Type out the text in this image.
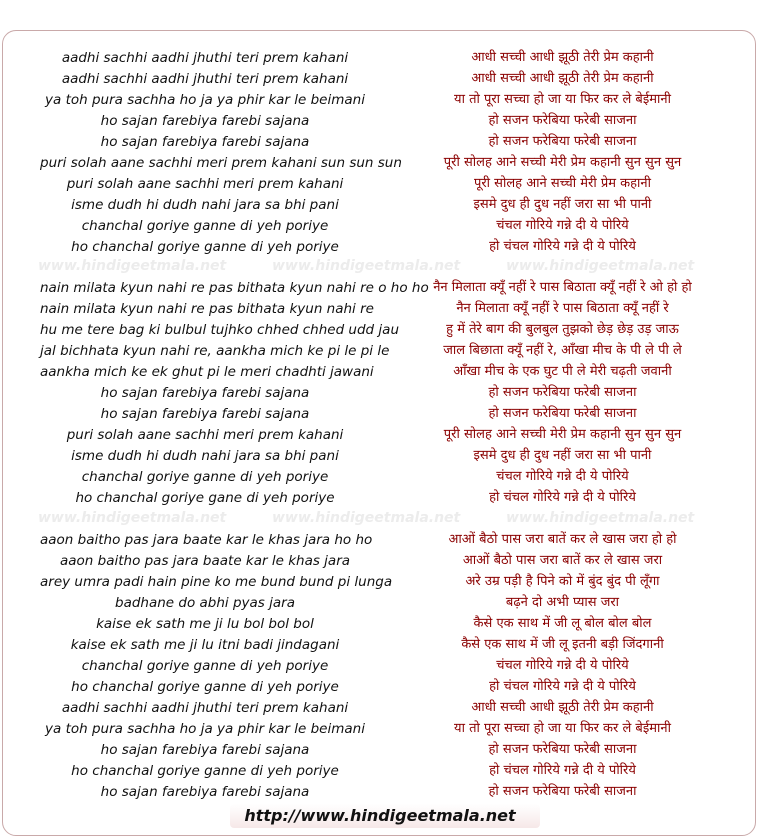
aadhi sachhi aadhi jhuthi teri prem kahani	आधी सच्ची आधी झूठी तेरी प्रेम कहानी
aadhi sachhi aadhi jhuthi teri prem kahani	आधी सच्ची आधी झूठी तेरी प्रेम कहानी
ya toh pura sachha ho ja ya phir kar le beimani	या तो पूरा सच्चा हो जा या फिर कर ले बेईमानी
ho sajan farebiya farebi sajana	हो सजन फरेबिया फरेबी साजना
ho sajan farebiya farebi sajana	हो सजन फरेबिया फरेबी साजना
puri solah aane sachhi meri prem kahani sun sun sun	पूरी सोलह आने सच्ची मेरी प्रेम कहानी सुन सुन सुन
puri solah aane sachhi meri prem kahani	पूरी सोलह आने सच्ची मेरी प्रेम कहानी
isme dudh hi dudh nahi jara sa bhi pani	इसमे दुध ही दुध नहीं जरा सा भी पानी
chanchal goriye ganne di yeh poriye	चंचल गोरिये गन्ने दी ये पोरिये
ho chanchal goriye ganne di yeh poriye	हो चंचल गोरिये गन्ने दी ये पोरिये
www.hindigeetmala.net	www.hindigeetmala.net	www.hindigeetmala.net
nain milata kyun nahi re pas bithata kyun nahi re o ho ho नैन मिलाता क्यूँ नहीं रे पास बिठाता क्यूँ नहीं रे ओ हो हो
nain milata kyun nahi re pas bithata kyun nahi re	नैन मिलाता क्यूँ नहीं रे पास बिठाता क्यूँ नहीं रे
hu me tere bag ki bulbul tujhko chhed chhed udd jau	हु में तेरे बाग की बुलबुल तुझको छेड़ छेड़ उड़ जाऊ
jal bichhata kyun nahi re, aankha mich ke pi le pi le	जाल बिछाता क्यूँ नहीं रे, आँखा मीच के पी ले पी ले
aankha mich ke ek ghut pi le meri chadhti jawani	आँखा मीच के एक घुट पी ले मेरी चढ़ती जवानी
ho sajan farebiya farebi sajana	हो सजन फरेबिया फरेबी साजना
ho sajan farebiya farebi sajana	हो सजन फरेबिया फरेबी साजना
puri solah aane sachhi meri prem kahani	पूरी सोलह आने सच्ची मेरी प्रेम कहानी सुन सुन सुन
isme dudh hi dudh nahi jara sa bhi pani	इसमे दुध ही दुध नहीं जरा सा भी पानी
chanchal goriye ganne di yeh poriye	चंचल गोरिये गन्ने दी ये पोरिये
ho chanchal goriye gane di yeh poriye	हो चंचल गोरिये गन्ने दी ये पोरिये
www.hindigeetmala.net	www.hindigeetmala.net	www.hindigeetmala.net
aaon baitho pas jara baate kar le khas jara ho ho	आओं बैठो पास जरा बातें कर ले खास जरा हो हो
aaon baitho pas jara baate kar le khas jara	आओं बैठो पास जरा बातें कर ले खास जरा
arey umra padi hain pine ko me bund bund pi lunga	अरे उम्र पड़ी है पिने को में बुंद बुंद पी लूँगा
badhane do abhi pyas jara	बढ़ने दो अभी प्यास जरा
kaise ek sath me ji lu bol bol bol	कैसे एक साथ में जी लू बोल बोल बोल
kaise ek sath me ji lu itni badi jindagani	कैसे एक साथ में जी लू इतनी बड़ी जिंदगानी
chanchal goriye ganne di yeh poriye	चंचल गोरिये गन्ने दी ये पोरिये
ho chanchal goriye ganne di yeh poriye	हो चंचल गोरिये गन्ने दी ये पोरिये
aadhi sachhi aadhi jhuthi teri prem kahani	आधी सच्ची आधी झूठी तेरी प्रेम कहानी
ya toh pura sachha ho ja ya phir kar le beimani	या तो पूरा सच्चा हो जा या फिर कर ले बेईमानी
ho sajan farebiya farebi sajana	हो सजन फरेबिया फरेबी साजना
ho chanchal goriye ganne di yeh poriye	हो चंचल गोरिये गन्ने दी ये पोरिये
ho sajan farebiya farebi sajana	हो सजन फरेबिया फरेबी साजना
http://www.hindigeetmala.net
